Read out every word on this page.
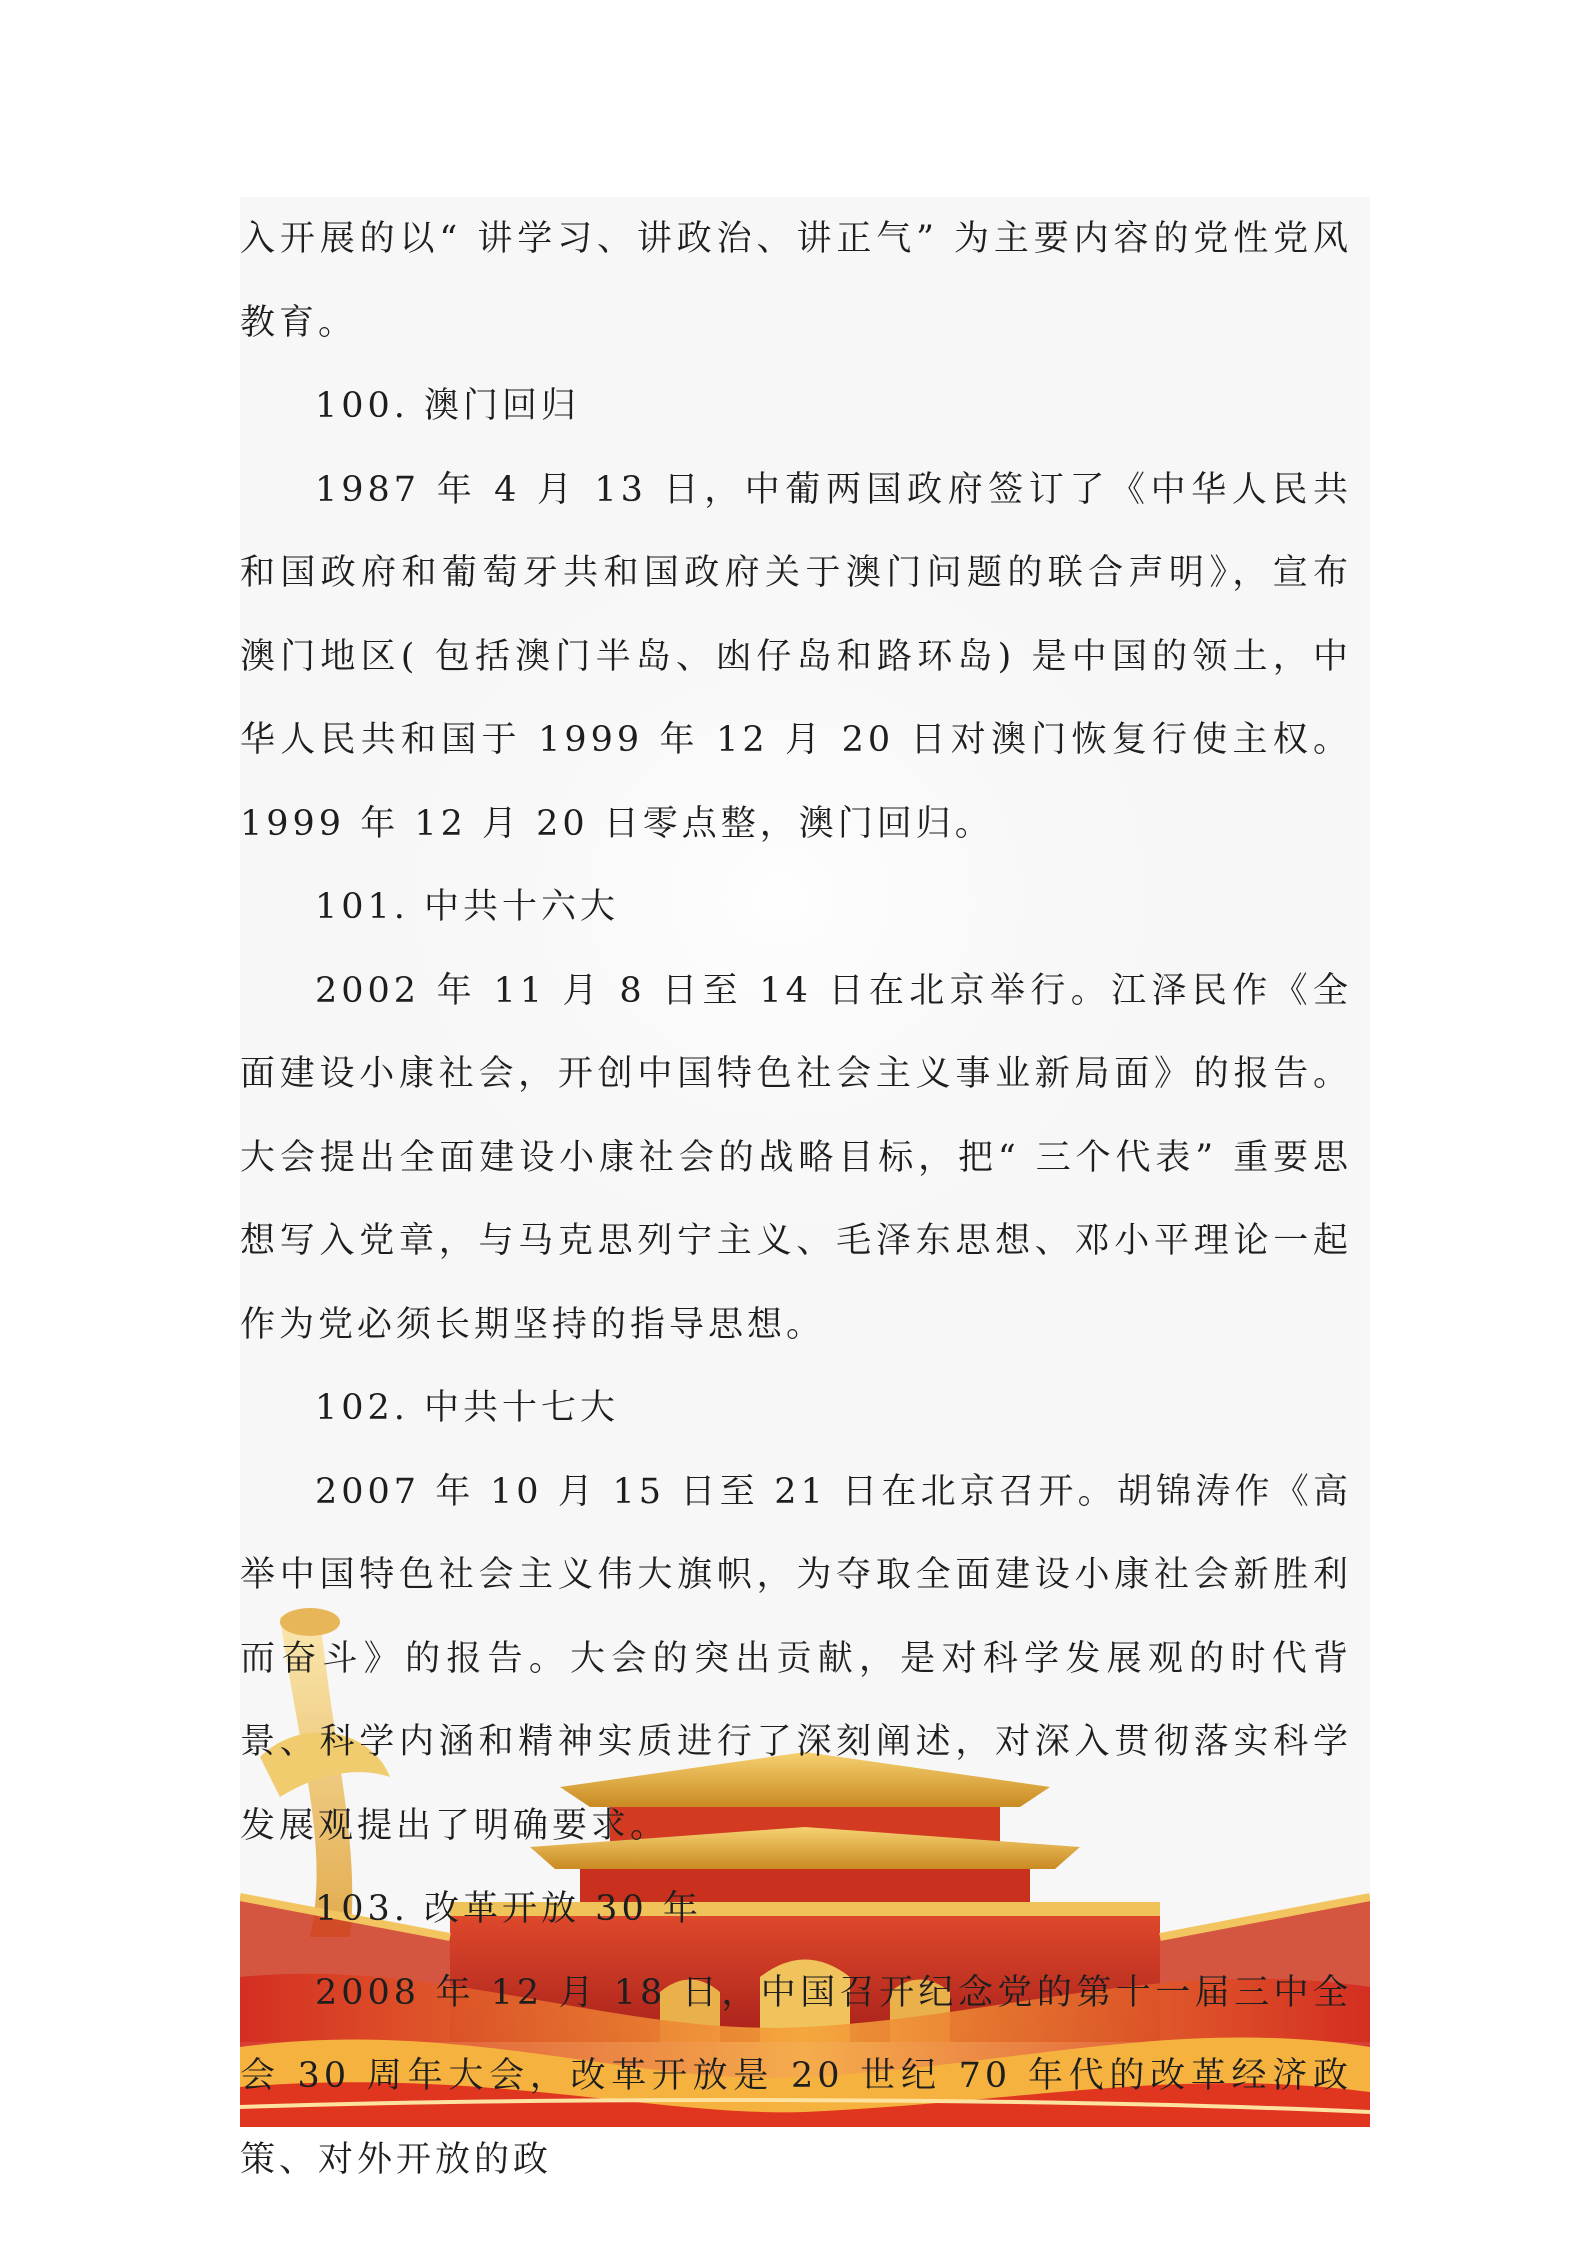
入开展的以“ 讲学习、讲政治、讲正气” 为主要内容的党性党风教育。

100. 澳门回归

1987 年 4 月 13 日，中葡两国政府签订了《中华人民共和国政府和葡萄牙共和国政府关于澳门问题的联合声明》，宣布澳门地区( 包括澳门半岛、凼仔岛和路环岛) 是中国的领土，中华人民共和国于 1999 年 12 月 20 日对澳门恢复行使主权。1999 年 12 月 20 日零点整，澳门回归。

101. 中共十六大

2002 年 11 月 8 日至 14 日在北京举行。江泽民作《全面建设小康社会，开创中国特色社会主义事业新局面》的报告。大会提出全面建设小康社会的战略目标，把“ 三个代表” 重要思想写入党章，与马克思列宁主义、毛泽东思想、邓小平理论一起作为党必须长期坚持的指导思想。

102. 中共十七大

2007 年 10 月 15 日至 21 日在北京召开。胡锦涛作《高举中国特色社会主义伟大旗帜，为夺取全面建设小康社会新胜利而奋斗》的报告。大会的突出贡献，是对科学发展观的时代背景、科学内涵和精神实质进行了深刻阐述，对深入贯彻落实科学发展观提出了明确要求。

103. 改革开放 30 年

2008 年 12 月 18 日，中国召开纪念党的第十一届三中全会 30 周年大会，改革开放是 20 世纪 70 年代的改革经济政策、对外开放的政
